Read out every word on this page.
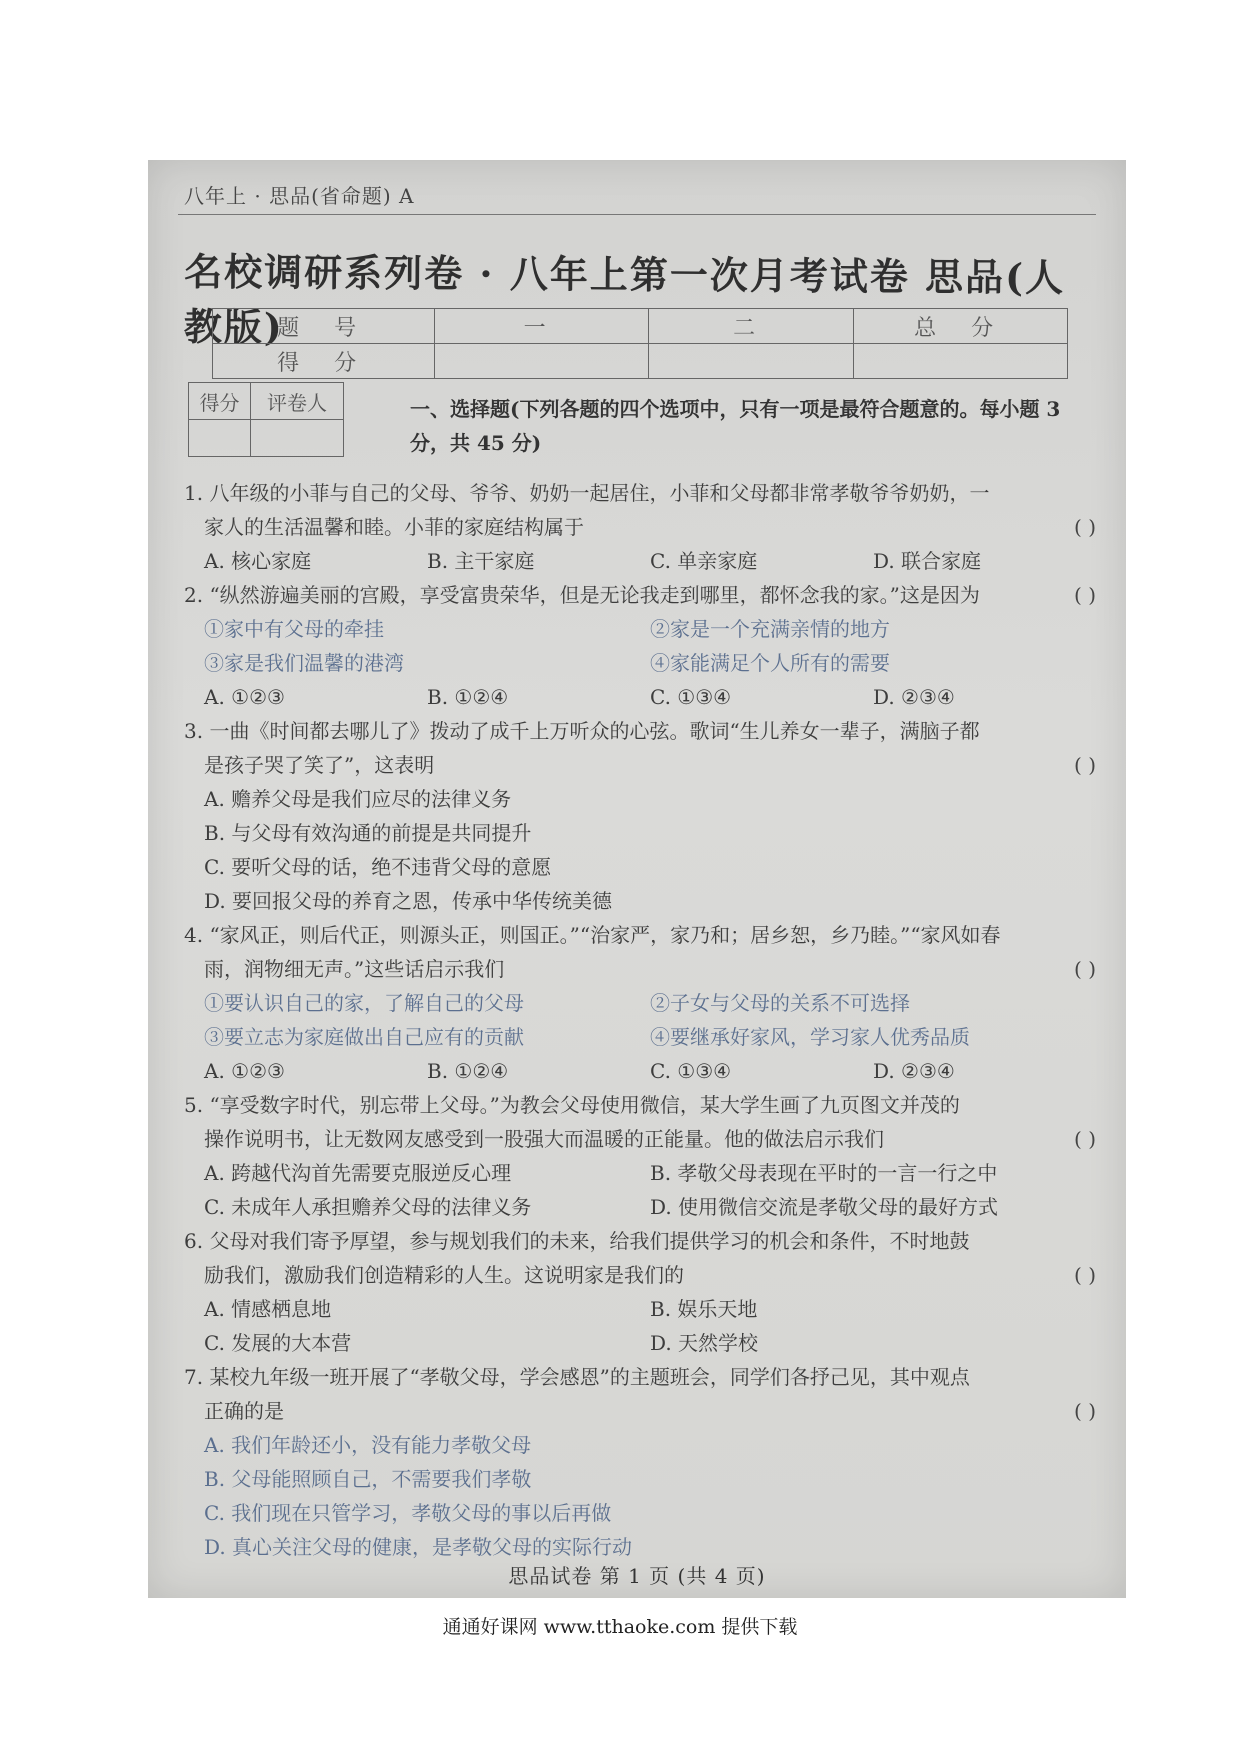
八年上 · 思品(省命题) A
名校调研系列卷 · 八年上第一次月考试卷 思品(人教版)
题 号	一	二	总 分
得 分			
得分	评卷人
		一、选择题(下列各题的四个选项中，只有一项是最符合题意的。每小题 3 分，共 45 分)
1. 八年级的小菲与自己的父母、爷爷、奶奶一起居住，小菲和父母都非常孝敬爷爷奶奶，一
家人的生活温馨和睦。小菲的家庭结构属于	( )
A. 核心家庭	B. 主干家庭	C. 单亲家庭	D. 联合家庭
2. “纵然游遍美丽的宫殿，享受富贵荣华，但是无论我走到哪里，都怀念我的家。”这是因为	( )
①家中有父母的牵挂	②家是一个充满亲情的地方
③家是我们温馨的港湾	④家能满足个人所有的需要
A. ①②③	B. ①②④	C. ①③④	D. ②③④
3. 一曲《时间都去哪儿了》拨动了成千上万听众的心弦。歌词“生儿养女一辈子，满脑子都
是孩子哭了笑了”，这表明	( )
A. 赡养父母是我们应尽的法律义务
B. 与父母有效沟通的前提是共同提升
C. 要听父母的话，绝不违背父母的意愿
D. 要回报父母的养育之恩，传承中华传统美德
4. “家风正，则后代正，则源头正，则国正。”“治家严，家乃和；居乡恕，乡乃睦。”“家风如春
雨，润物细无声。”这些话启示我们	( )
①要认识自己的家，了解自己的父母	②子女与父母的关系不可选择
③要立志为家庭做出自己应有的贡献	④要继承好家风，学习家人优秀品质
A. ①②③	B. ①②④	C. ①③④	D. ②③④
5. “享受数字时代，别忘带上父母。”为教会父母使用微信，某大学生画了九页图文并茂的
操作说明书，让无数网友感受到一股强大而温暖的正能量。他的做法启示我们	( )
A. 跨越代沟首先需要克服逆反心理	B. 孝敬父母表现在平时的一言一行之中
C. 未成年人承担赡养父母的法律义务	D. 使用微信交流是孝敬父母的最好方式
6. 父母对我们寄予厚望，参与规划我们的未来，给我们提供学习的机会和条件，不时地鼓
励我们，激励我们创造精彩的人生。这说明家是我们的	( )
A. 情感栖息地	B. 娱乐天地
C. 发展的大本营	D. 天然学校
7. 某校九年级一班开展了“孝敬父母，学会感恩”的主题班会，同学们各抒己见，其中观点
正确的是	( )
A. 我们年龄还小，没有能力孝敬父母
B. 父母能照顾自己，不需要我们孝敬
C. 我们现在只管学习，孝敬父母的事以后再做
D. 真心关注父母的健康，是孝敬父母的实际行动
思品试卷 第 1 页 (共 4 页)
通通好课网 www.tthaoke.com 提供下载
